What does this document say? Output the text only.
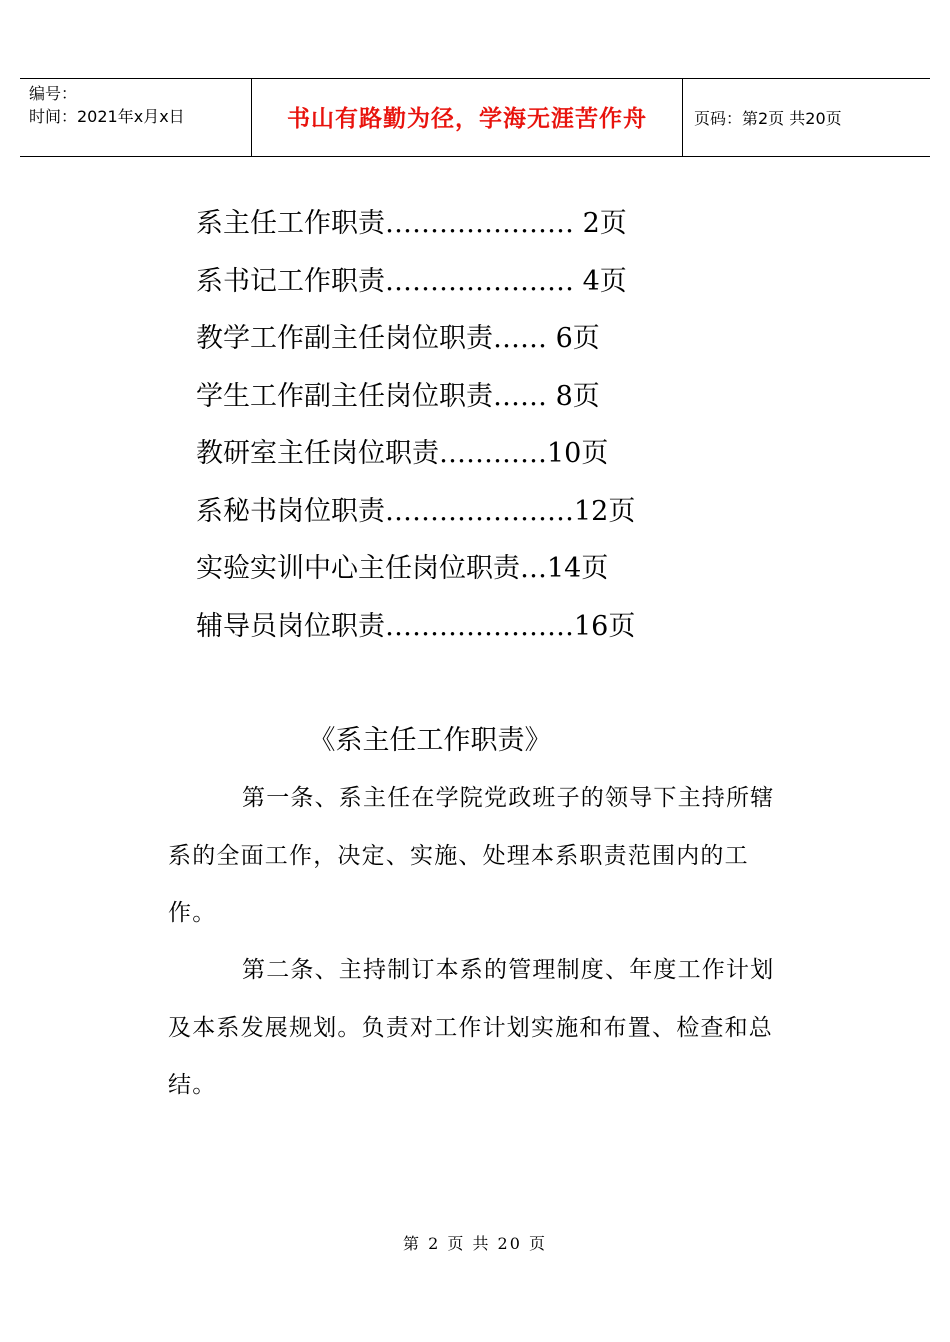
编号：
时间：2021年x月x日	书山有路勤为径，学海无涯苦作舟	页码：第2页 共20页
系主任工作职责………………… 2页
系书记工作职责………………… 4页
教学工作副主任岗位职责…… 6页
学生工作副主任岗位职责…… 8页
教研室主任岗位职责…………10页
系秘书岗位职责…………………12页
实验实训中心主任岗位职责…14页
辅导员岗位职责…………………16页
《系主任工作职责》
第一条、系主任在学院党政班子的领导下主持所辖系的全面工作，决定、实施、处理本系职责范围内的工作。
第二条、主持制订本系的管理制度、年度工作计划及本系发展规划。负责对工作计划实施和布置、检查和总结。
第 2 页 共 20 页
